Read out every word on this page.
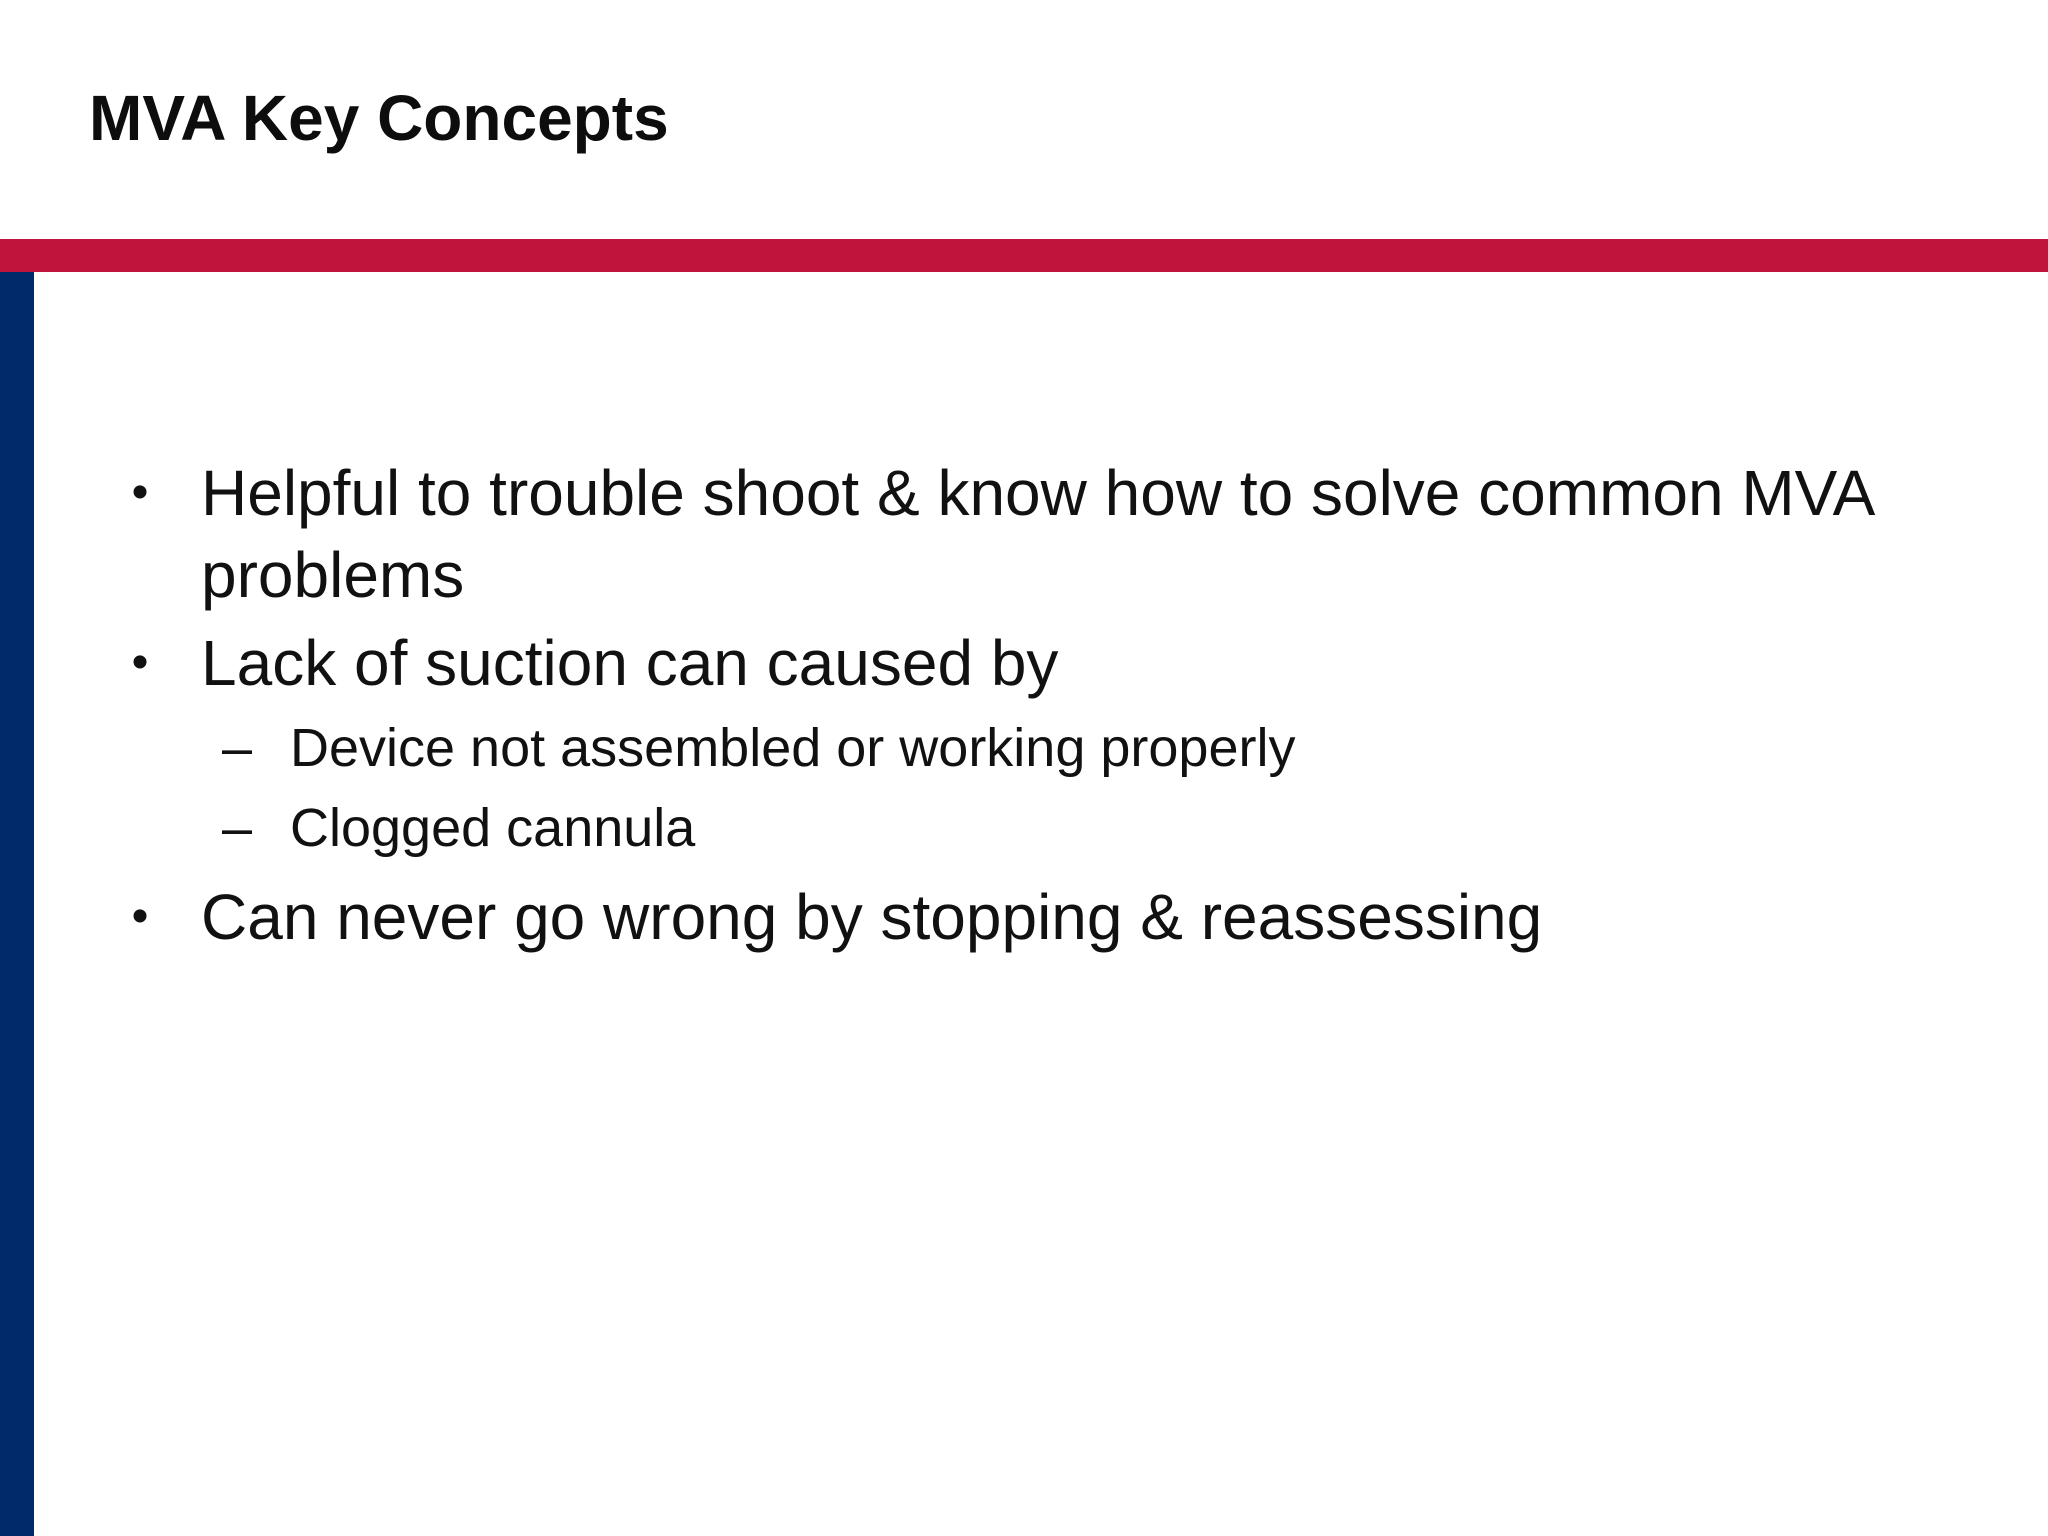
MVA Key Concepts
• Helpful to trouble shoot & know how to solve common MVA problems
• Lack of suction can caused by
– Device not assembled or working properly
– Clogged cannula
• Can never go wrong by stopping & reassessing
